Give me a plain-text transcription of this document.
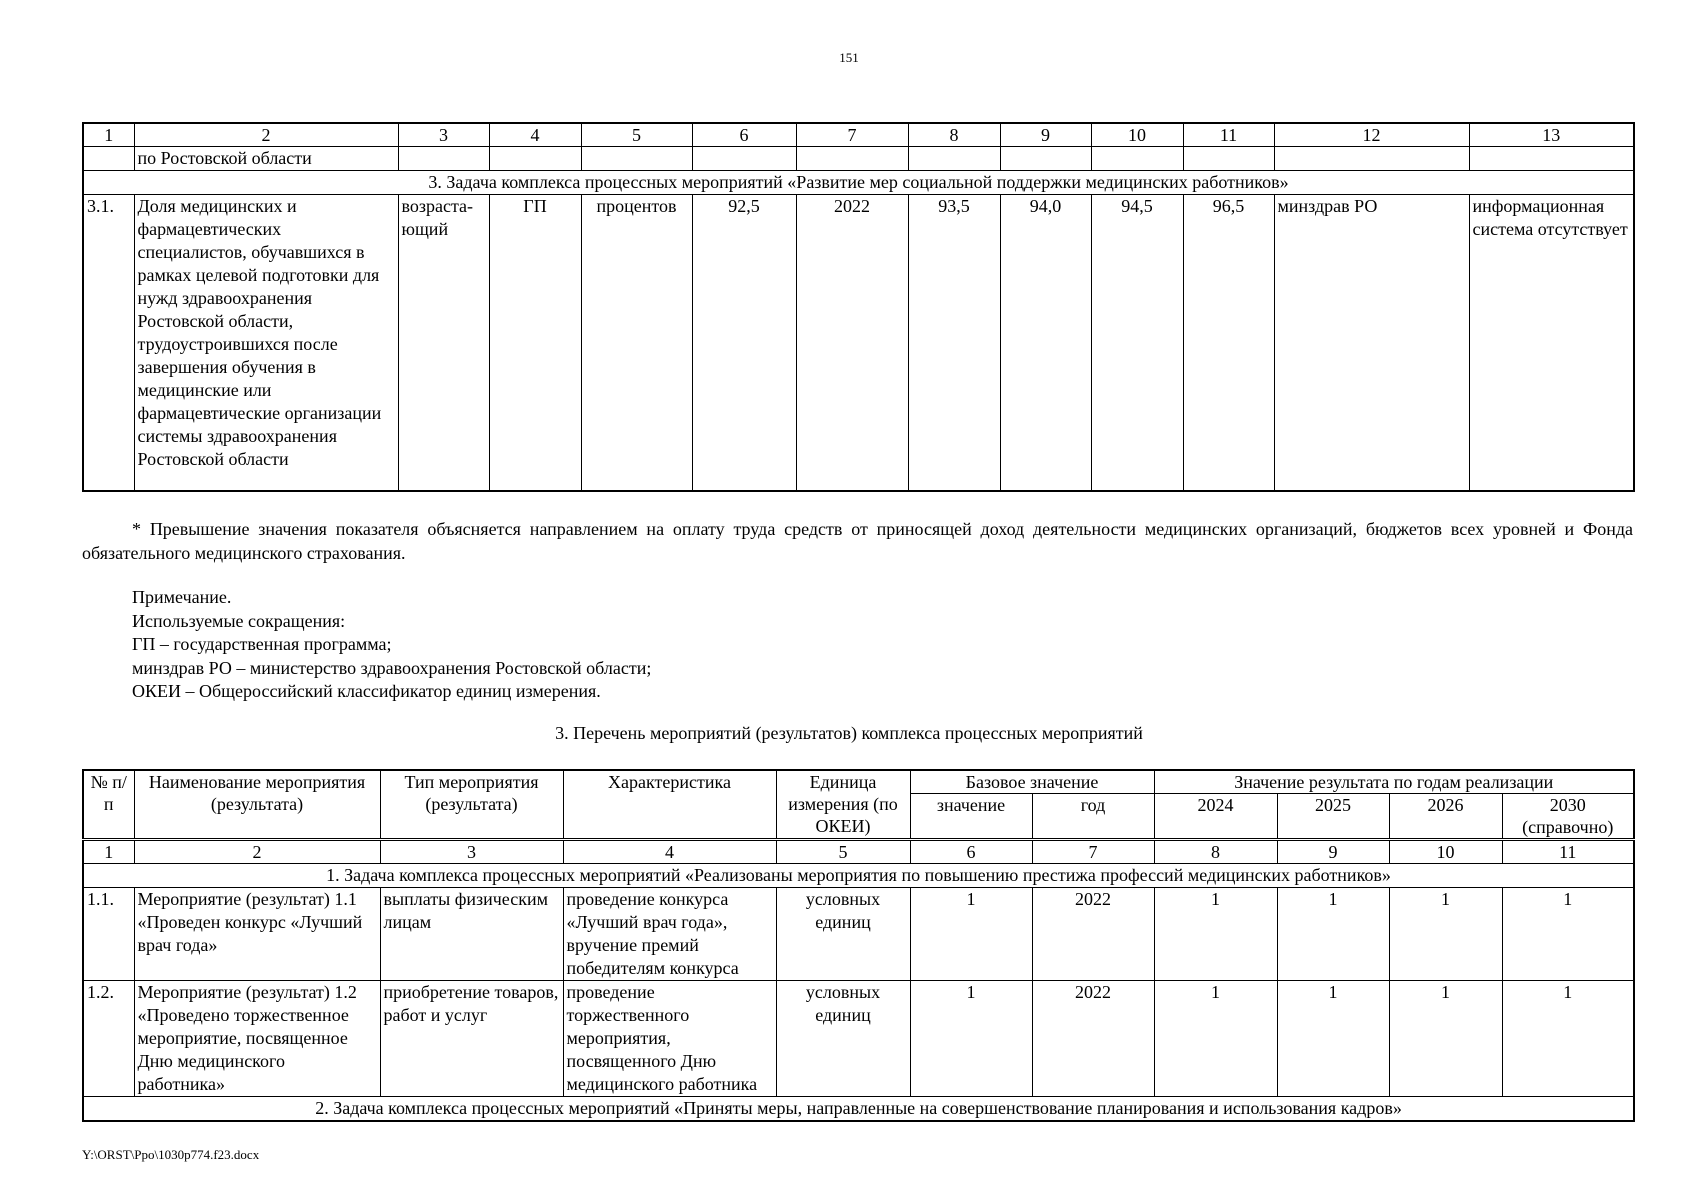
151
1	2	3	4	5	6	7	8	9	10	11	12	13
	по Ростовской области											
3. Задача комплекса процессных мероприятий «Развитие мер социальной поддержки медицинских работников»												
3.1.	Доля медицинских и фармацевтических специалистов, обучавшихся в рамках целевой подготовки для нужд здравоохранения Ростовской области, трудоустроившихся после завершения обучения в медицинские или фармацевтические организации системы здравоохранения Ростовской области	возраста-ющий	ГП	процентов	92,5	2022	93,5	94,0	94,5	96,5	минздрав РО	информационная система отсутствует
* Превышение значения показателя объясняется направлением на оплату труда средств от приносящей доход деятельности медицинских организаций, бюджетов всех уровней и Фонда обязательного медицинского страхования.
Примечание.
Используемые сокращения:
ГП – государственная программа;
минздрав РО – министерство здравоохранения Ростовской области;
ОКЕИ – Общероссийский классификатор единиц измерения.
3. Перечень мероприятий (результатов) комплекса процессных мероприятий
№ п/п	Наименование мероприятия (результата)	Тип мероприятия (результата)	Характеристика	Единица измерения (по ОКЕИ)	Базовое значение		Значение результата по годам реализации			
					значение	год	2024	2025	2026	2030 (справочно)
1	2	3	4	5	6	7	8	9	10	11
1. Задача комплекса процессных мероприятий «Реализованы мероприятия по повышению престижа профессий медицинских работников»										
1.1.	Мероприятие (результат) 1.1 «Проведен конкурс «Лучший врач года»	выплаты физическим лицам	проведение конкурса «Лучший врач года», вручение премий победителям конкурса	условных единиц	1	2022	1	1	1	1
1.2.	Мероприятие (результат) 1.2 «Проведено торжественное мероприятие, посвященное Дню медицинского работника»	приобретение товаров, работ и услуг	проведение торжественного мероприятия, посвященного Дню медицинского работника	условных единиц	1	2022	1	1	1	1
2. Задача комплекса процессных мероприятий «Приняты меры, направленные на совершенствование планирования и использования кадров»										
Y:\ORST\Ppo\1030p774.f23.docx
